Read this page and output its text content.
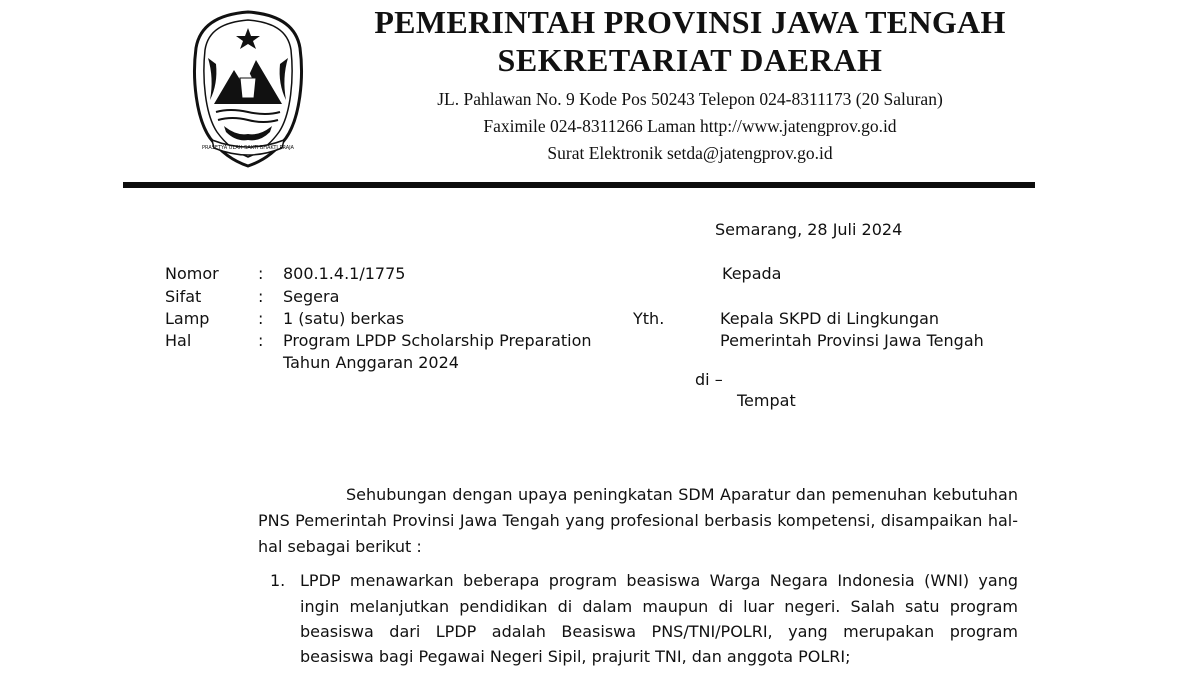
PRASETYA ULAH SAKTI BHAKTI PRAJA
PEMERINTAH PROVINSI JAWA TENGAH
SEKRETARIAT DAERAH
JL. Pahlawan No. 9 Kode Pos 50243 Telepon 024-8311173 (20 Saluran)
Faximile 024-8311266 Laman http://www.jatengprov.go.id
Surat Elektronik setda@jatengprov.go.id
Semarang, 28 Juli 2024
Nomor : 800.1.4.1/1775
Sifat	: Segera
Lamp	: 1 (satu) berkas
Hal	: Program LPDP Scholarship Preparation
Tahun Anggaran 2024
Kepada
Yth.	Kepala SKPD di Lingkungan
Pemerintah Provinsi Jawa Tengah
di –
Tempat
Sehubungan dengan upaya peningkatan SDM Aparatur dan pemenuhan kebutuhan PNS Pemerintah Provinsi Jawa Tengah yang profesional berbasis kompetensi, disampaikan hal-hal sebagai berikut :
1. LPDP menawarkan beberapa program beasiswa Warga Negara Indonesia (WNI) yang
ingin melanjutkan pendidikan di dalam maupun di luar negeri. Salah satu program
beasiswa dari LPDP adalah Beasiswa PNS/TNI/POLRI, yang merupakan program
beasiswa bagi Pegawai Negeri Sipil, prajurit TNI, dan anggota POLRI;
